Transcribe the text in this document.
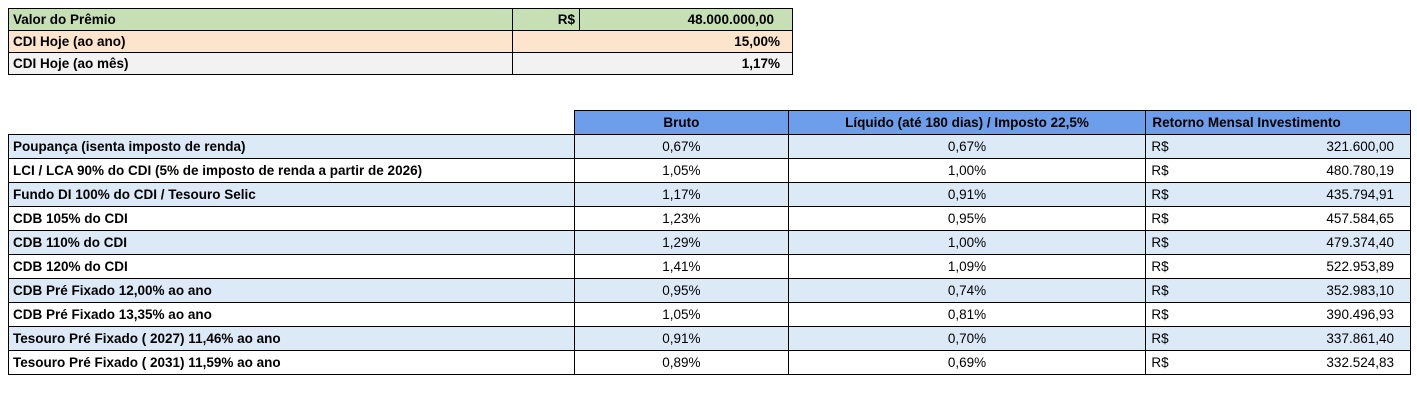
Valor do Prêmio	R$	48.000.000,00
CDI Hoje (ao ano)	15,00%	
CDI Hoje (ao mês)	1,17%	
	Bruto	Líquido (até 180 dias) / Imposto 22,5%	Retorno Mensal Investimento	
Poupança (isenta imposto de renda)	0,67%	0,67%	R$	321.600,00
LCI / LCA 90% do CDI (5% de imposto de renda a partir de 2026)	1,05%	1,00%	R$	480.780,19
Fundo DI 100% do CDI / Tesouro Selic	1,17%	0,91%	R$	435.794,91
CDB 105% do CDI	1,23%	0,95%	R$	457.584,65
CDB 110% do CDI	1,29%	1,00%	R$	479.374,40
CDB 120% do CDI	1,41%	1,09%	R$	522.953,89
CDB Pré Fixado 12,00% ao ano	0,95%	0,74%	R$	352.983,10
CDB Pré Fixado 13,35% ao ano	1,05%	0,81%	R$	390.496,93
Tesouro Pré Fixado ( 2027) 11,46% ao ano	0,91%	0,70%	R$	337.861,40
Tesouro Pré Fixado ( 2031) 11,59% ao ano	0,89%	0,69%	R$	332.524,83
